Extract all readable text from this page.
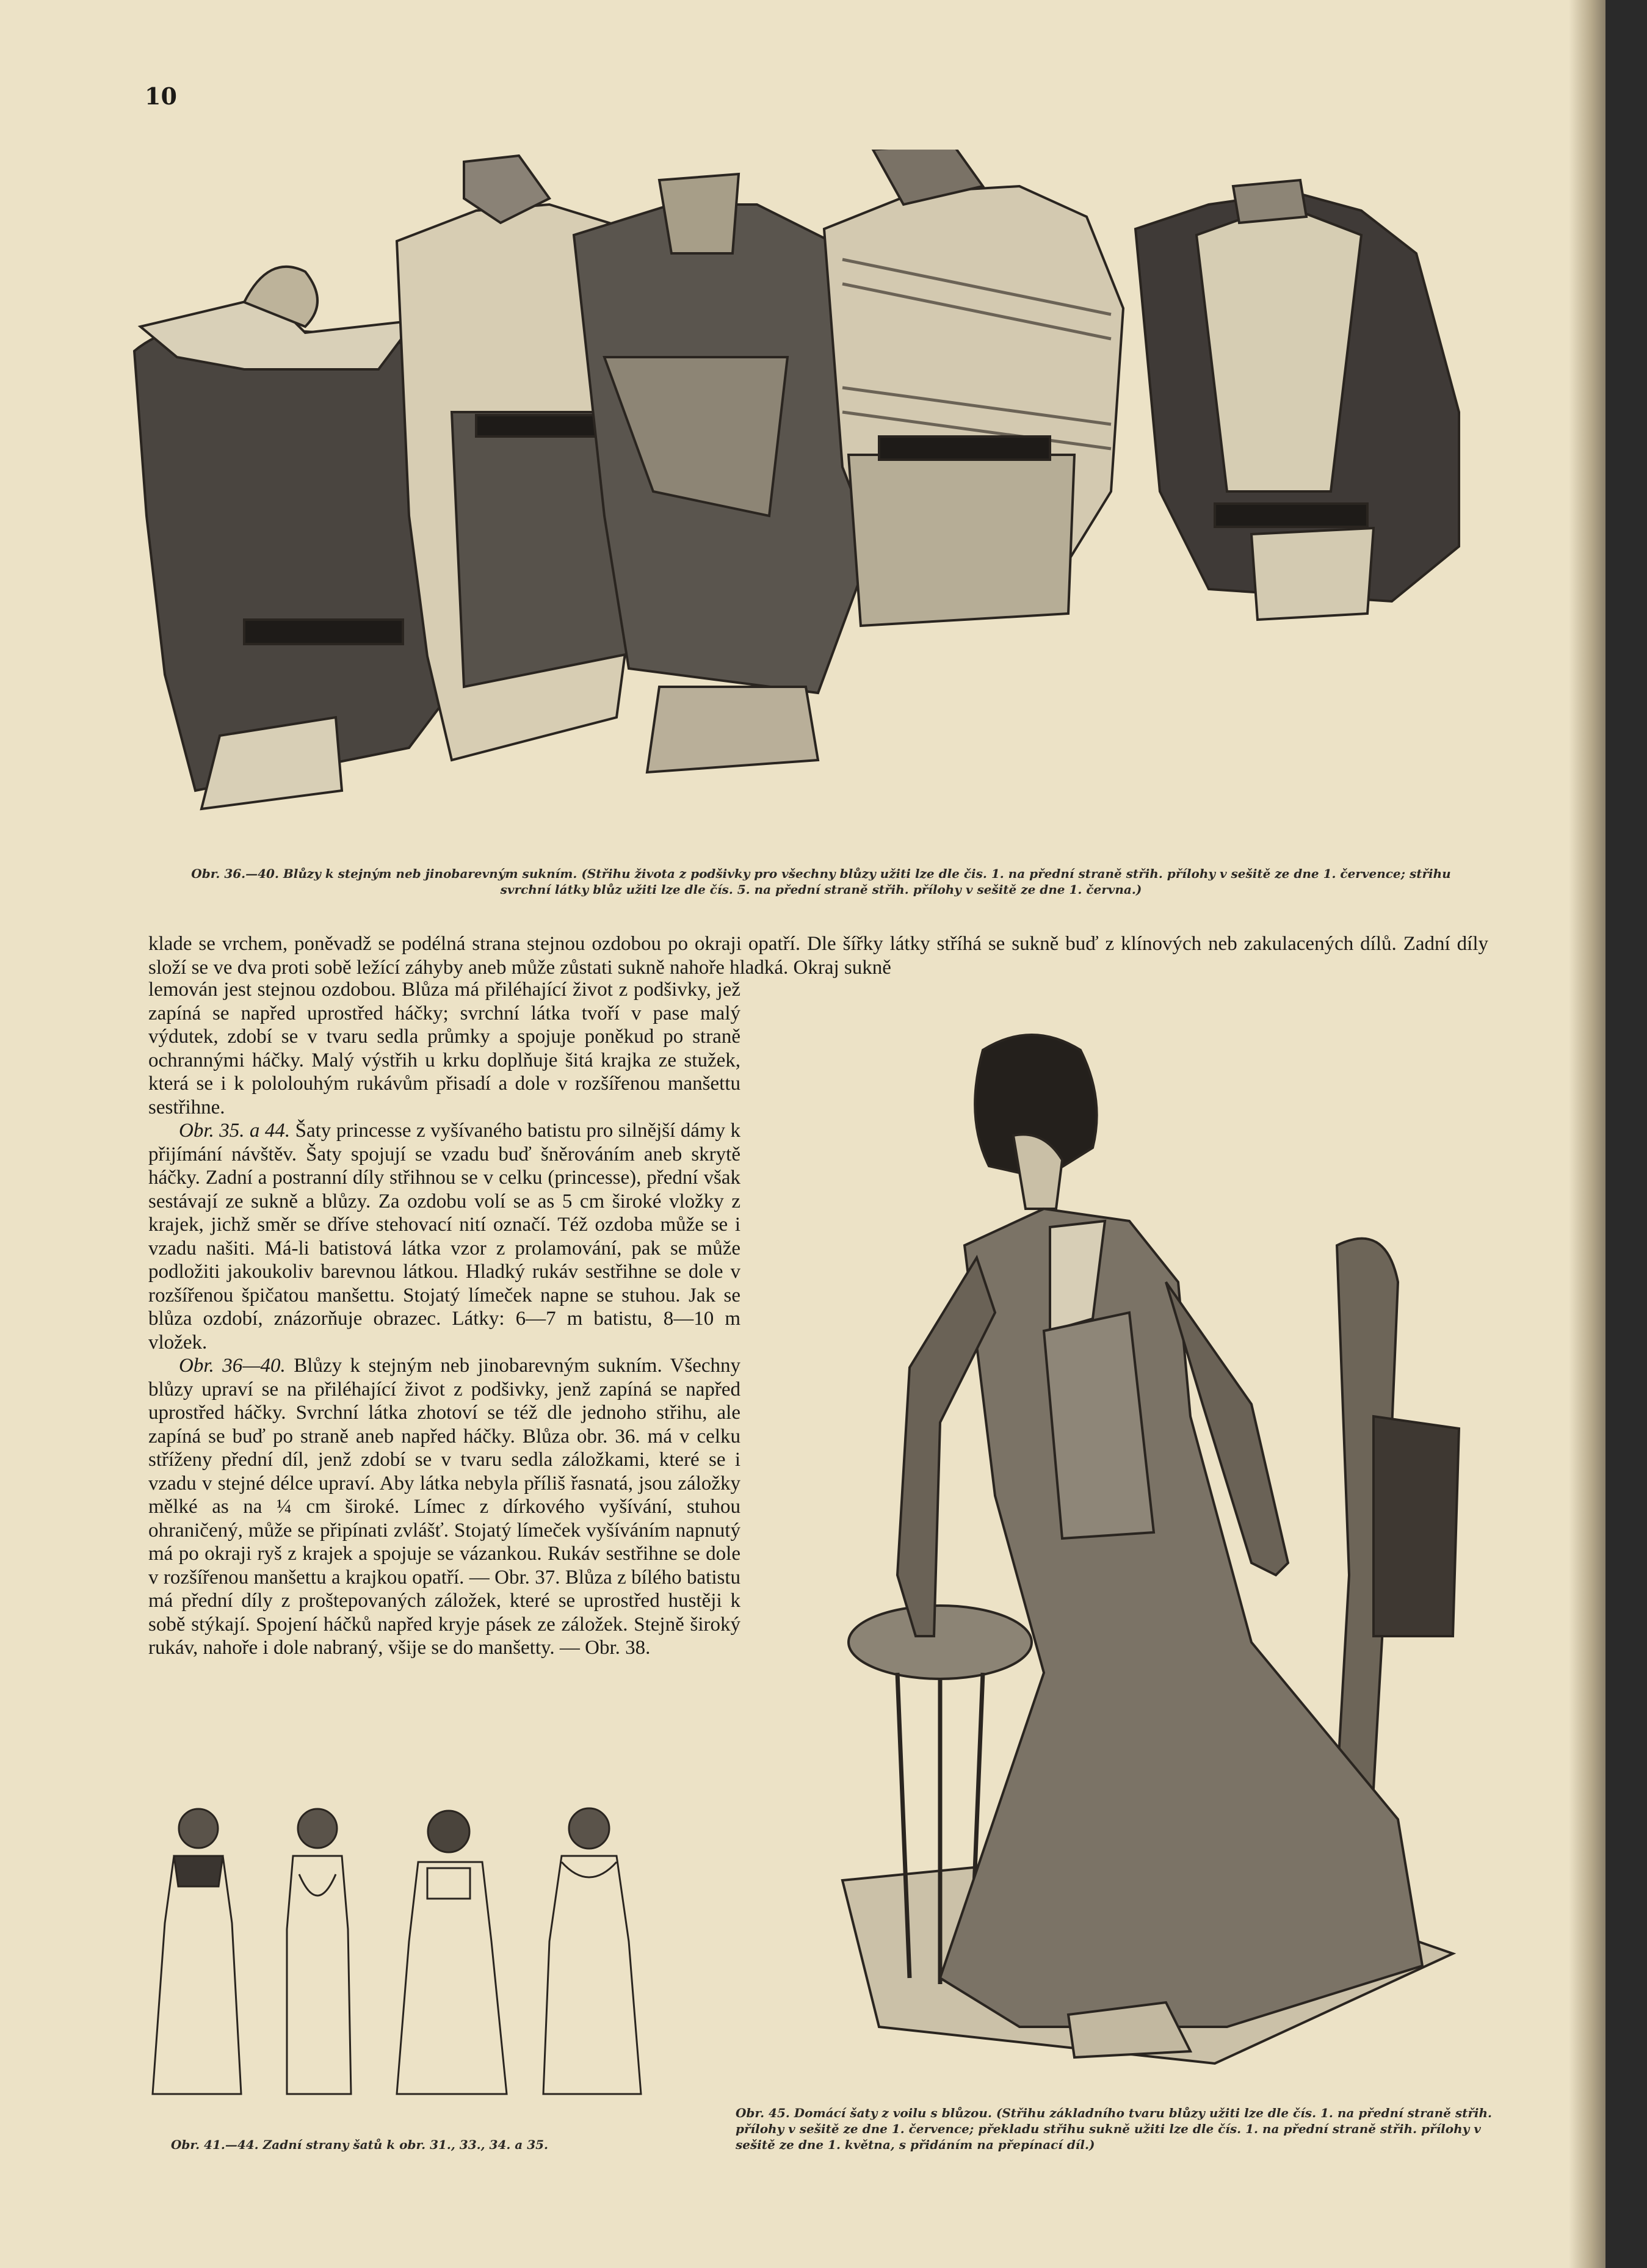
10
Obr. 36.—40. Blůzy k stejným neb jinobarevným sukním. (Střihu života z podšivky pro všechny blůzy užiti lze dle čis. 1. na přední straně střih. přílohy v sešitě ze dne 1. července; střihu svrchní látky blůz užiti lze dle čís. 5. na přední straně střih. přílohy v sešitě ze dne 1. června.)

klade se vrchem, poněvadž se podélná strana stejnou ozdobou po okraji opatří. Dle šířky látky stříhá se sukně buď z klínových neb zakulacených dílů. Zadní díly složí se ve dva proti sobě ležící záhyby aneb může zůstati sukně nahoře hladká. Okraj sukně

lemován jest stejnou ozdobou. Blůza má přiléhající život z podšivky, jež zapíná se napřed uprostřed háčky; svrchní látka tvoří v pase malý výdutek, zdobí se v tvaru sedla průmky a spojuje poněkud po straně ochrannými háčky. Malý výstřih u krku doplňuje šitá krajka ze stužek, která se i k pololouhým rukávům přisadí a dole v rozšířenou manšettu sestřihne.

Obr. 35. a 44. Šaty princesse z vyšívaného batistu pro silnější dámy k přijímání návštěv. Šaty spojují se vzadu buď šněrováním aneb skrytě háčky. Zadní a postranní díly střihnou se v celku (princesse), přední však sestávají ze sukně a blůzy. Za ozdobu volí se as 5 cm široké vložky z krajek, jichž směr se dříve stehovací nití označí. Též ozdoba může se i vzadu našiti. Má-li batistová látka vzor z prolamování, pak se může podložiti jakoukoliv barevnou látkou. Hladký rukáv sestřihne se dole v rozšířenou špičatou manšettu. Stojatý límeček napne se stuhou. Jak se blůza ozdobí, znázorňuje obrazec. Látky: 6—7 m batistu, 8—10 m vložek.

Obr. 36—40. Blůzy k stejným neb jinobarevným sukním. Všechny blůzy upraví se na přiléhající život z podšivky, jenž zapíná se napřed uprostřed háčky. Svrchní látka zhotoví se též dle jednoho střihu, ale zapíná se buď po straně aneb napřed háčky. Blůza obr. 36. má v celku stříženy přední díl, jenž zdobí se v tvaru sedla záložkami, které se i vzadu v stejné délce upraví. Aby látka nebyla příliš řasnatá, jsou záložky mělké as na ¼ cm široké. Límec z dírkového vyšívání, stuhou ohraničený, může se připínati zvlášť. Stojatý límeček vyšíváním napnutý má po okraji ryš z krajek a spojuje se vázankou. Rukáv sestřihne se dole v rozšířenou manšettu a krajkou opatří. — Obr. 37. Blůza z bílého batistu má přední díly z proštepovaných záložek, které se uprostřed hustěji k sobě stýkají. Spojení háčků napřed kryje pásek ze záložek. Stejně široký rukáv, nahoře i dole nabraný, všije se do manšetty. — Obr. 38.

Obr. 41.—44. Zadní strany šatů k obr. 31., 33., 34. a 35.
Obr. 45. Domácí šaty z voilu s blůzou. (Střihu základního tvaru blůzy užiti lze dle čís. 1. na přední straně střih. přílohy v sešitě ze dne 1. července; překladu střihu sukně užiti lze dle čís. 1. na přední straně střih. přílohy v sešitě ze dne 1. května, s přidáním na přepínací díl.)
